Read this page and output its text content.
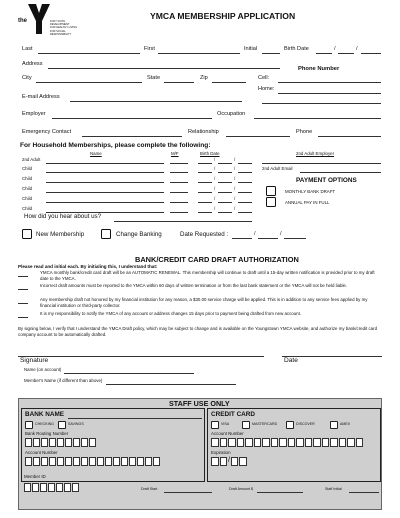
the	FOR YOUTH DEVELOPMENT
FOR HEALTHY LIVING
FOR SOCIAL RESPONSIBILITY
YMCA MEMBERSHIP APPLICATION
Last	First	Initial	Birth Date	/	/
Address
Phone Number
City	State	Zip	Cell:
Home:
E-mail Address
Employer	Occupation
Emergency Contact	Relationship	Phone
For Household Memberships, please complete the following:
Name	M/F	Birth Date	2nd Adult Employer
2nd Adult	/	/
Child	/	/	2nd Adult Email
Child	/	/
Child	/	/
Child	/	/
Child	/	/
PAYMENT OPTIONS
MONTHLY BANK DRAFT
ANNUAL PAY IN FULL
How did you hear about us?
New Membership	Change Banking	Date Requested :	/	/
BANK/CREDIT CARD DRAFT AUTHORIZATION
Please read and initial each. By initialing this, I understand that:
YMCA monthly bank/credit card draft will be an AUTOMATIC RENEWAL. This membership will continue to draft until a 15-day written notification is provided prior to my draft date to the YMCA.
Incorrect draft amounts must be reported to the YMCA within 60 days of written termination or from the last bank statement or the YMCA will not be held liable.
Any membership draft not honored by my financial institution for any reason, a $30.00 service charge will be applied. This is in addition to any service fees applied by my financial institution or third-party collector.
It is my responsibility to notify the YMCA of any account or address changes 15 days prior to payment being drafted from new account.
By signing below, I verify that I understand the YMCA Draft policy, which may be subject to change and is available on the Youngstown YMCA website, and authorize my bank/credit card company account to be automatically drafted.
Signature	Date
Name (on account)
Member's Name (if different than above)
STAFF USE ONLY
BANK NAME
CHECKING	SAVINGS
Bank Routing Number
Account Number
CREDIT CARD
VISA	MASTERCARD	DISCOVER	AMEX
Account Number
Expiration
/
Member ID
Draft Start	Draft Amount $	Staff Initial
